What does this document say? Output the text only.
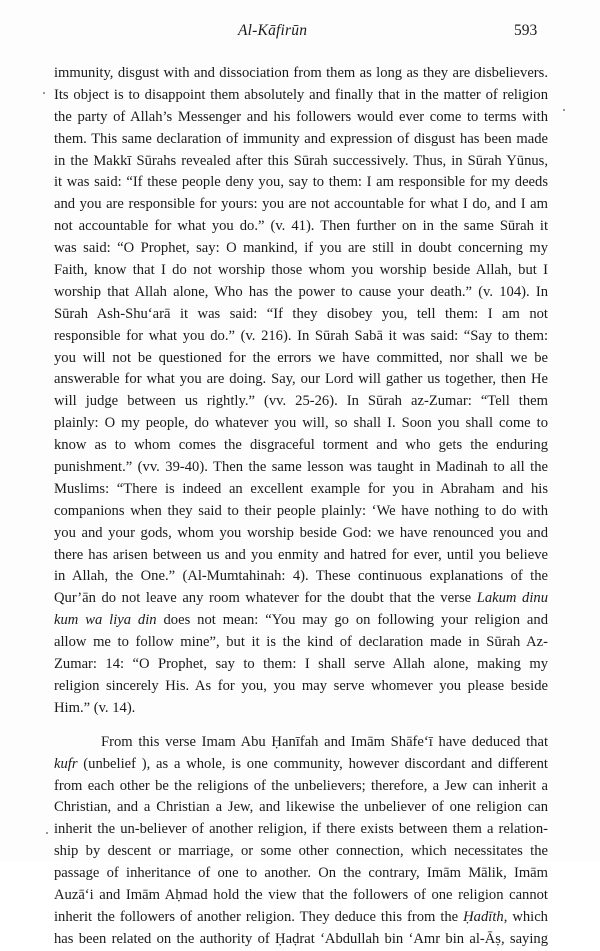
Al-Kāfirūn	593
immunity, disgust with and dissociation from them as long as they are disbelievers.
Its object is to disappoint them absolutely and finally that in the matter of religion
the party of Allah’s Messenger and his followers would ever come to terms with
them. This same declaration of immunity and expression of disgust has been made
in the Makkī Sūrahs revealed after this Sūrah successively. Thus, in Sūrah Yūnus,
it was said: “If these people deny you, say to them: I am responsible for my deeds
and you are responsible for yours: you are not accountable for what I do, and I am
not accountable for what you do.” (v. 41). Then further on in the same Sūrah it
was said: “O Prophet, say: O mankind, if you are still in doubt concerning my
Faith, know that I do not worship those whom you worship beside Allah, but I
worship that Allah alone, Who has the power to cause your death.” (v. 104). In
Sūrah Ash-Shu‘arā it was said: “If they disobey you, tell them: I am not
responsible for what you do.” (v. 216). In Sūrah Sabā it was said: “Say to them:
you will not be questioned for the errors we have committed, nor shall we be
answerable for what you are doing. Say, our Lord will gather us together, then He
will judge between us rightly.” (vv. 25-26). In Sūrah az-Zumar: “Tell them
plainly: O my people, do whatever you will, so shall I. Soon you shall come to
know as to whom comes the disgraceful torment and who gets the enduring
punishment.” (vv. 39-40). Then the same lesson was taught in Madinah to all the
Muslims: “There is indeed an excellent example for you in Abraham and his
companions when they said to their people plainly: ‘We have nothing to do with
you and your gods, whom you worship beside God: we have renounced you and
there has arisen between us and you enmity and hatred for ever, until you believe
in Allah, the One.” (Al-Mumtahinah: 4). These continuous explanations of the
Qur’ān do not leave any room whatever for the doubt that the verse Lakum dinu
kum wa liya din does not mean: “You may go on following your religion and
allow me to follow mine”, but it is the kind of declaration made in Sūrah Az-
Zumar: 14: “O Prophet, say to them: I shall serve Allah alone, making my
religion sincerely His. As for you, you may serve whomever you please beside
Him.” (v. 14).
From this verse Imam Abu Ḥanīfah and Imām Shāfe‘ī have deduced that
kufr (unbelief ), as a whole, is one community, however discordant and different
from each other be the religions of the unbelievers; therefore, a Jew can inherit a
Christian, and a Christian a Jew, and likewise the unbeliever of one religion can
inherit the un-believer of another religion, if there exists between them a relation-
ship by descent or marriage, or some other connection, which necessitates the
passage of inheritance of one to another. On the contrary, Imām Mālik, Imām
Auzā‘i and Imām Aḥmad hold the view that the followers of one religion cannot
inherit the followers of another religion. They deduce this from the Ḥadīth, which
has been related on the authority of Ḥaḍrat ‘Abdullah bin ‘Amr bin al-Āṣ, saying
